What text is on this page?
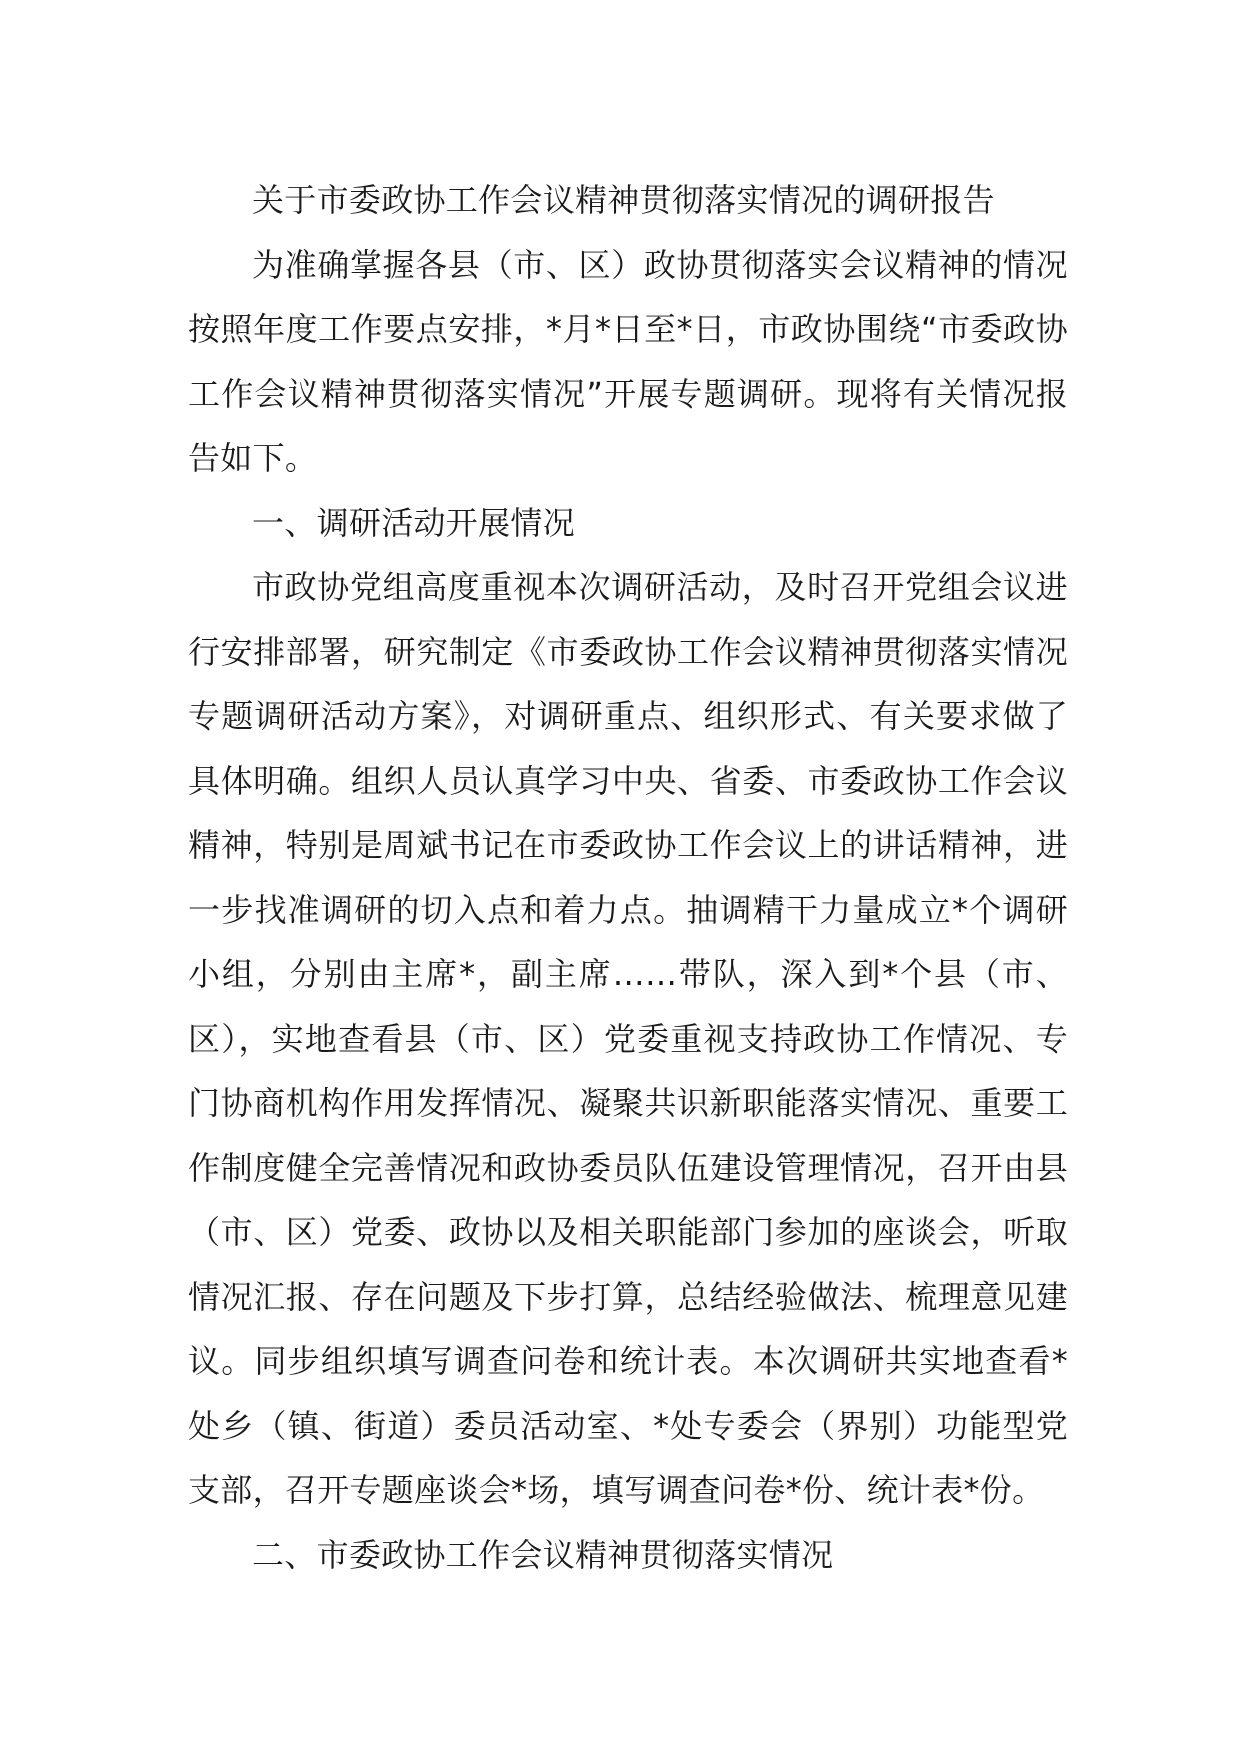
关于市委政协工作会议精神贯彻落实情况的调研报告

为准确掌握各县（市、区）政协贯彻落实会议精神的情况按照年度工作要点安排，*月*日至*日，市政协围绕“市委政协工作会议精神贯彻落实情况”开展专题调研。现将有关情况报告如下。

一、调研活动开展情况

市政协党组高度重视本次调研活动，及时召开党组会议进行安排部署，研究制定《市委政协工作会议精神贯彻落实情况专题调研活动方案》，对调研重点、组织形式、有关要求做了具体明确。组织人员认真学习中央、省委、市委政协工作会议精神，特别是周斌书记在市委政协工作会议上的讲话精神，进一步找准调研的切入点和着力点。抽调精干力量成立*个调研小组，分别由主席*，副主席……带队，深入到*个县（市、区），实地查看县（市、区）党委重视支持政协工作情况、专门协商机构作用发挥情况、凝聚共识新职能落实情况、重要工作制度健全完善情况和政协委员队伍建设管理情况，召开由县（市、区）党委、政协以及相关职能部门参加的座谈会，听取情况汇报、存在问题及下步打算，总结经验做法、梳理意见建议。同步组织填写调查问卷和统计表。本次调研共实地查看*处乡（镇、街道）委员活动室、*处专委会（界别）功能型党支部，召开专题座谈会*场，填写调查问卷*份、统计表*份。

二、市委政协工作会议精神贯彻落实情况
